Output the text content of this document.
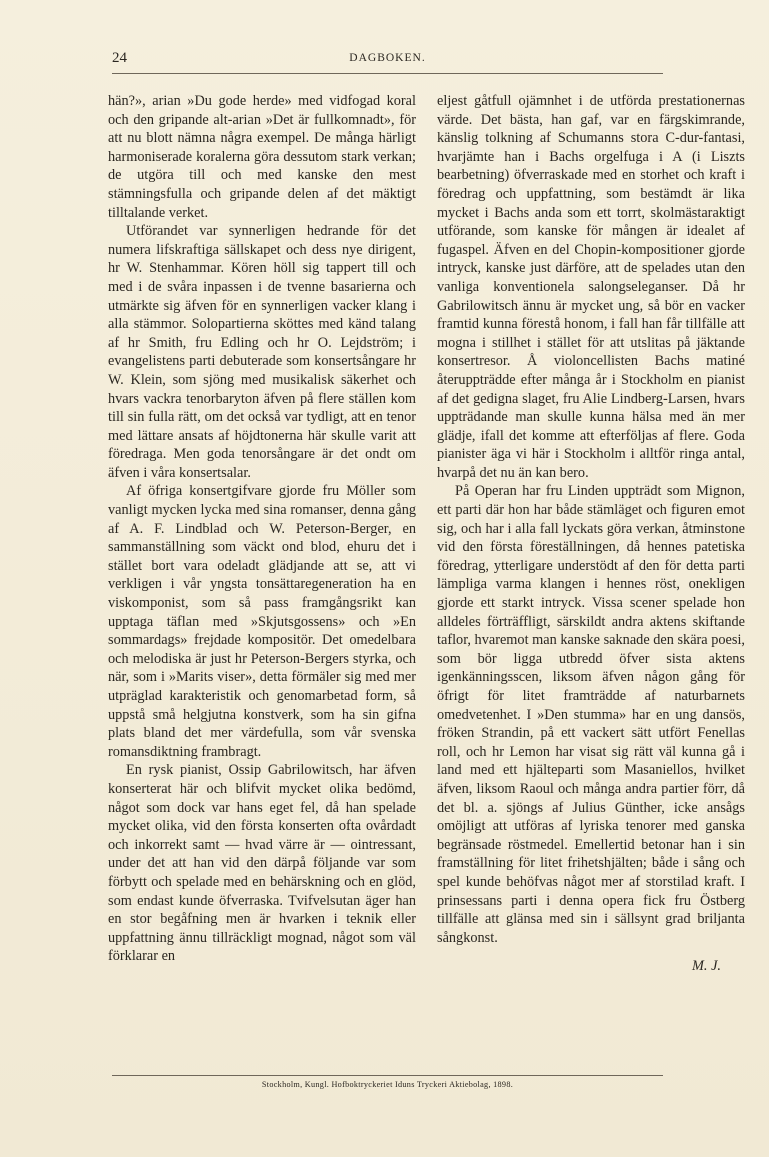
24	DAGBOKEN.

hän?», arian »Du gode herde» med vidfogad koral och den gripande alt-arian »Det är fullkomnadt», för att nu blott nämna några exempel. De många härligt harmoniserade koralerna göra dessutom stark verkan; de utgöra till och med kanske den mest stämningsfulla och gripande delen af det mäktigt tilltalande verket.

Utförandet var synnerligen hedrande för det numera lifskraftiga sällskapet och dess nye dirigent, hr W. Stenhammar. Kören höll sig tappert till och med i de svåra inpassen i de tvenne basarierna och utmärkte sig äfven för en synnerligen vacker klang i alla stämmor. Solopartierna sköttes med känd talang af hr Smith, fru Edling och hr O. Lejdström; i evangelistens parti debuterade som konsertsångare hr W. Klein, som sjöng med musikalisk säkerhet och hvars vackra tenorbaryton äfven på flere ställen kom till sin fulla rätt, om det också var tydligt, att en tenor med lättare ansats af höjdtonerna här skulle varit att föredraga. Men goda tenorsångare är det ondt om äfven i våra konsertsalar.

Af öfriga konsertgifvare gjorde fru Möller som vanligt mycken lycka med sina romanser, denna gång af A. F. Lindblad och W. Peterson-Berger, en sammanställning som väckt ond blod, ehuru det i stället bort vara odeladt glädjande att se, att vi verkligen i vår yngsta tonsättaregeneration ha en viskomponist, som så pass framgångsrikt kan upptaga täflan med »Skjutsgossens» och »En sommardags» frejdade kompositör. Det omedelbara och melodiska är just hr Peterson-Bergers styrka, och när, som i »Marits viser», detta förmäler sig med mer utpräglad karakteristik och genomarbetad form, så uppstå små helgjutna konstverk, som ha sin gifna plats bland det mer värdefulla, som vår svenska romansdiktning frambragt.

En rysk pianist, Ossip Gabrilowitsch, har äfven konserterat här och blifvit mycket olika bedömd, något som dock var hans eget fel, då han spelade mycket olika, vid den första konserten ofta ovårdadt och inkorrekt samt — hvad värre är — ointressant, under det att han vid den därpå följande var som förbytt och spelade med en behärskning och en glöd, som endast kunde öfverraska. Tvifvelsutan äger han en stor begåfning men är hvarken i teknik eller uppfattning ännu tillräckligt mognad, något som väl förklarar en

eljest gåtfull ojämnhet i de utförda prestationernas värde. Det bästa, han gaf, var en färgskimrande, känslig tolkning af Schumanns stora C-dur-fantasi, hvarjämte han i Bachs orgelfuga i A (i Liszts bearbetning) öfverraskade med en storhet och kraft i föredrag och uppfattning, som bestämdt är lika mycket i Bachs anda som ett torrt, skolmästaraktigt utförande, som kanske för mången är idealet af fugaspel. Äfven en del Chopin-kompositioner gjorde intryck, kanske just därföre, att de spelades utan den vanliga konventionela salongseleganser. Då hr Gabrilowitsch ännu är mycket ung, så bör en vacker framtid kunna förestå honom, i fall han får tillfälle att mogna i stillhet i stället för att utslitas på jäktande konsertresor. Å violoncellisten Bachs matiné återuppträdde efter många år i Stockholm en pianist af det gedigna slaget, fru Alie Lindberg-Larsen, hvars uppträdande man skulle kunna hälsa med än mer glädje, ifall det komme att efterföljas af flere. Goda pianister äga vi här i Stockholm i alltför ringa antal, hvarpå det nu än kan bero.

På Operan har fru Linden uppträdt som Mignon, ett parti där hon har både stämläget och figuren emot sig, och har i alla fall lyckats göra verkan, åtminstone vid den första föreställningen, då hennes patetiska föredrag, ytterligare understödt af den för detta parti lämpliga varma klangen i hennes röst, onekligen gjorde ett starkt intryck. Vissa scener spelade hon alldeles förträffligt, särskildt andra aktens skiftande taflor, hvaremot man kanske saknade den skära poesi, som bör ligga utbredd öfver sista aktens igenkänningsscen, liksom äfven någon gång för öfrigt för litet framträdde af naturbarnets omedvetenhet. I »Den stumma» har en ung dansös, fröken Strandin, på ett vackert sätt utfört Fenellas roll, och hr Lemon har visat sig rätt väl kunna gå i land med ett hjälteparti som Masaniellos, hvilket äfven, liksom Raoul och många andra partier förr, då det bl. a. sjöngs af Julius Günther, icke ansågs omöjligt att utföras af lyriska tenorer med ganska begränsade röstmedel. Emellertid betonar han i sin framställning för litet frihetshjälten; både i sång och spel kunde behöfvas något mer af storstilad kraft. I prinsessans parti i denna opera fick fru Östberg tillfälle att glänsa med sin i sällsynt grad briljanta sångkonst.

M. J.
Stockholm, Kungl. Hofboktryckeriet Iduns Tryckeri Aktiebolag, 1898.
